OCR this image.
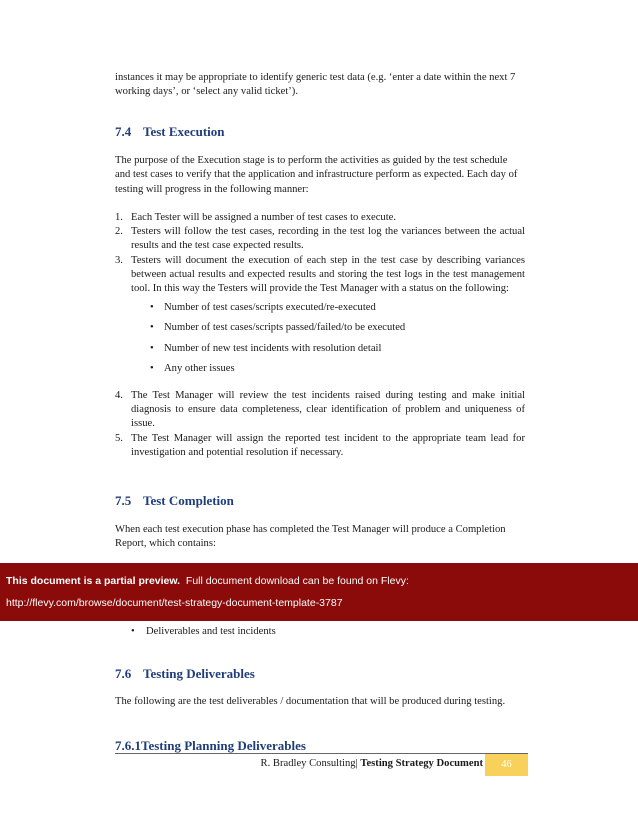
instances it may be appropriate to identify generic test data (e.g. ‘enter a date within the next 7 working days’, or ‘select any valid ticket’).

7.4 Test Execution

The purpose of the Execution stage is to perform the activities as guided by the test schedule and test cases to verify that the application and infrastructure perform as expected. Each day of testing will progress in the following manner:

1. Each Tester will be assigned a number of test cases to execute.
2. Testers will follow the test cases, recording in the test log the variances between the actual results and the test case expected results.
3. Testers will document the execution of each step in the test case by describing variances between actual results and expected results and storing the test logs in the test management tool. In this way the Testers will provide the Test Manager with a status on the following:
• Number of test cases/scripts executed/re-executed
• Number of test cases/scripts passed/failed/to be executed
• Number of new test incidents with resolution detail
• Any other issues
4. The Test Manager will review the test incidents raised during testing and make initial diagnosis to ensure data completeness, clear identification of problem and uniqueness of issue.
5. The Test Manager will assign the reported test incident to the appropriate team lead for investigation and potential resolution if necessary.
7.5 Test Completion

When each test execution phase has completed the Test Manager will produce a Completion Report, which contains:

This document is a partial preview. Full document download can be found on Flevy:
http://flevy.com/browse/document/test-strategy-document-template-3787
• Deliverables and test incidents
7.6 Testing Deliverables

The following are the test deliverables / documentation that will be produced during testing.

7.6.1Testing Planning Deliverables
R. Bradley Consulting| Testing Strategy Document	46
